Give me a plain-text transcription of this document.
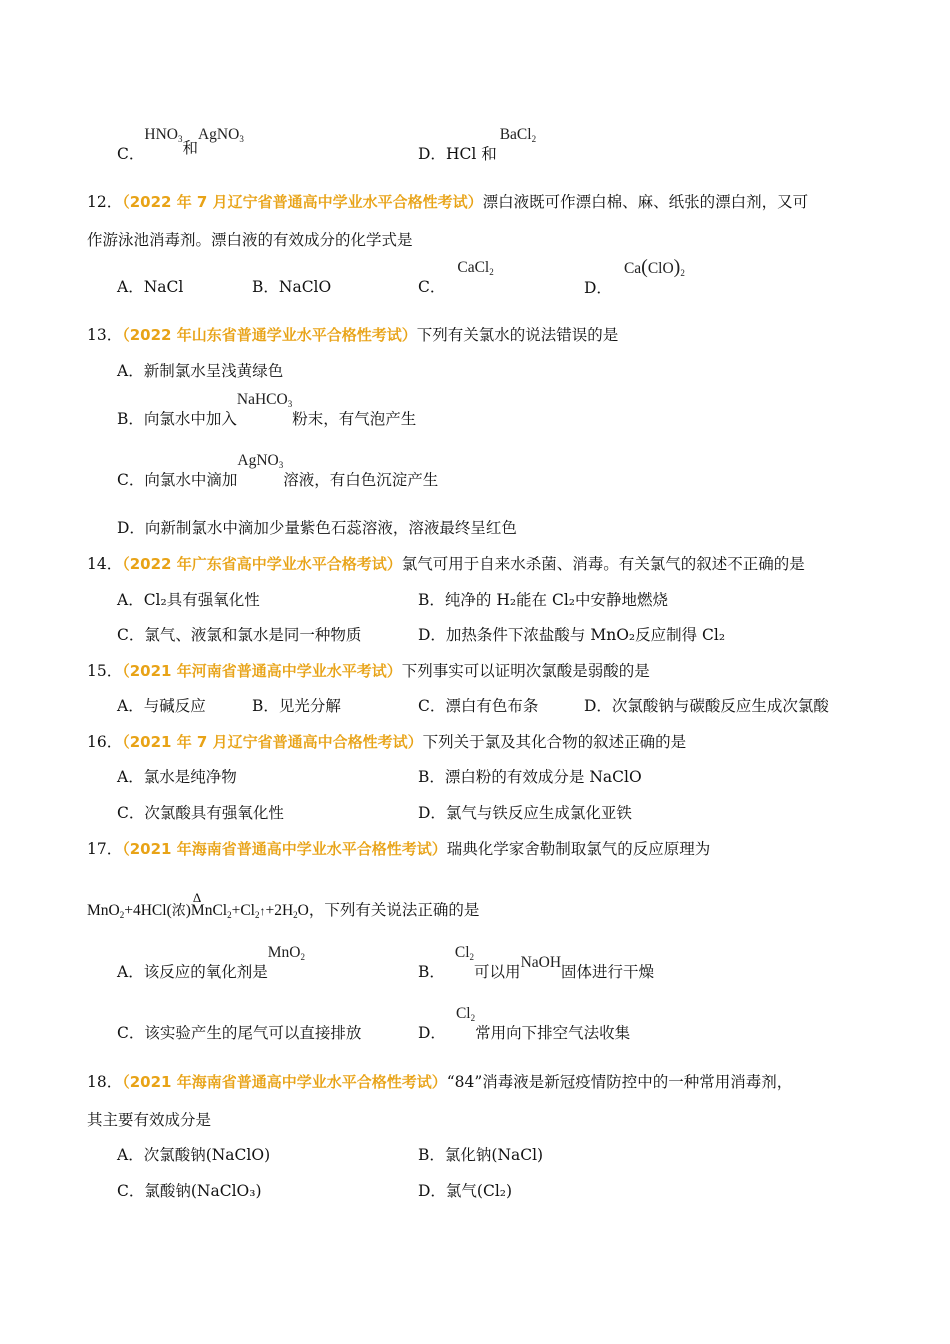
C．$HNO_3$和AgNO$_3$
D．HCl 和BaCl$_2$
12．（2022 年 7 月辽宁省普通高中学业水平合格性考试）漂白液既可作漂白棉、麻、纸张的漂白剂，又可
作游泳池消毒剂。漂白液的有效成分的化学式是
A．NaCl	B．NaClO	C．CaCl$_2$
D．$Ca(ClO)_2$
13．（2022 年山东省普通学业水平合格性考试）下列有关氯水的说法错误的是
A．新制氯水呈浅黄绿色
B．向氯水中加入NaHCO$_3$粉末，有气泡产生
C．向氯水中滴加AgNO$_3$溶液，有白色沉淀产生
D．向新制氯水中滴加少量紫色石蕊溶液，溶液最终呈红色
14．（2022 年广东省高中学业水平合格考试）氯气可用于自来水杀菌、消毒。有关氯气的叙述不正确的是
A．Cl₂具有强氧化性	B．纯净的 H₂能在 Cl₂中安静地燃烧
C．氯气、液氯和氯水是同一种物质	D．加热条件下浓盐酸与 MnO₂反应制得 Cl₂
15．（2021 年河南省普通高中学业水平考试）下列事实可以证明次氯酸是弱酸的是
A．与碱反应	B．见光分解	C．漂白有色布条	D．次氯酸钠与碳酸反应生成次氯酸
16．（2021 年 7 月辽宁省普通高中合格性考试）下列关于氯及其化合物的叙述正确的是
A．氯水是纯净物	B．漂白粉的有效成分是 NaClO
C．次氯酸具有强氧化性	D．氯气与铁反应生成氯化亚铁
17．（2021 年海南省普通高中学业水平合格性考试）瑞典化学家舍勒制取氯气的反应原理为
MnO$_2$+4HCl(浓)
Δ
$MnCl_2+Cl_2↑+2H_2O$，下列有关说法正确的是
A．该反应的氧化剂是MnO$_2$
B．$Cl_2$可以用NaOH固体进行干燥
C．该实验产生的尾气可以直接排放	D．$Cl_2$常用向下排空气法收集
18．（2021 年海南省普通高中学业水平合格性考试）“84”消毒液是新冠疫情防控中的一种常用消毒剂，
其主要有效成分是
A．次氯酸钠(NaClO)	B．氯化钠(NaCl)
C．氯酸钠(NaClO₃)	D．氯气(Cl₂)
